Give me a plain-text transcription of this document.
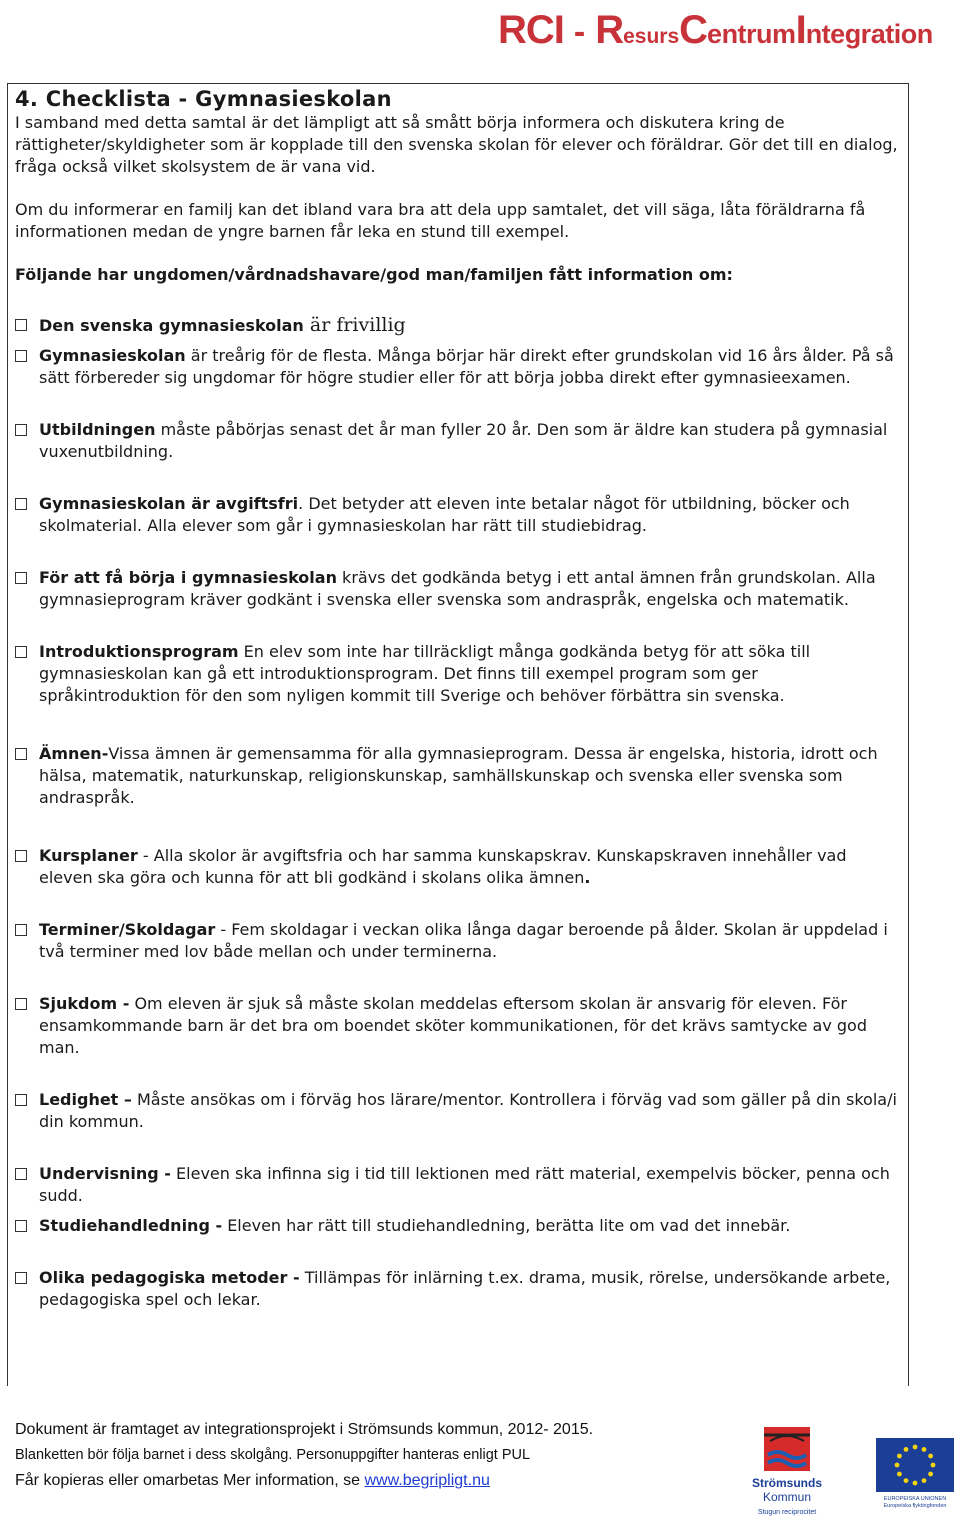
RCI - ResursCentrumIntegration
4. Checklista - Gymnasieskolan

I samband med detta samtal är det lämpligt att så smått börja informera och diskutera kring de rättigheter/skyldigheter som är kopplade till den svenska skolan för elever och föräldrar. Gör det till en dialog, fråga också vilket skolsystem de är vana vid.

Om du informerar en familj kan det ibland vara bra att dela upp samtalet, det vill säga, låta föräldrarna få informationen medan de yngre barnen får leka en stund till exempel.

Följande har ungdomen/vårdnadshavare/god man/familjen fått information om:

Den svenska gymnasieskolan är frivillig

Gymnasieskolan är treårig för de flesta. Många börjar här direkt efter grundskolan vid 16 års ålder. På så sätt förbereder sig ungdomar för högre studier eller för att börja jobba direkt efter gymnasieexamen.

Utbildningen måste påbörjas senast det år man fyller 20 år. Den som är äldre kan studera på gymnasial vuxenutbildning.

Gymnasieskolan är avgiftsfri. Det betyder att eleven inte betalar något för utbildning, böcker och skolmaterial. Alla elever som går i gymnasieskolan har rätt till studiebidrag.

För att få börja i gymnasieskolan krävs det godkända betyg i ett antal ämnen från grundskolan. Alla gymnasieprogram kräver godkänt i svenska eller svenska som andraspråk, engelska och matematik.

Introduktionsprogram En elev som inte har tillräckligt många godkända betyg för att söka till gymnasieskolan kan gå ett introduktionsprogram. Det finns till exempel program som ger språkintroduktion för den som nyligen kommit till Sverige och behöver förbättra sin svenska.

Ämnen-Vissa ämnen är gemensamma för alla gymnasieprogram. Dessa är engelska, historia, idrott och hälsa, matematik, naturkunskap, religionskunskap, samhällskunskap och svenska eller svenska som andraspråk.

Kursplaner - Alla skolor är avgiftsfria och har samma kunskapskrav. Kunskapskraven innehåller vad eleven ska göra och kunna för att bli godkänd i skolans olika ämnen.

Terminer/Skoldagar - Fem skoldagar i veckan olika långa dagar beroende på ålder. Skolan är uppdelad i två terminer med lov både mellan och under terminerna.

Sjukdom - Om eleven är sjuk så måste skolan meddelas eftersom skolan är ansvarig för eleven. För ensamkommande barn är det bra om boendet sköter kommunikationen, för det krävs samtycke av god man.

Ledighet – Måste ansökas om i förväg hos lärare/mentor. Kontrollera i förväg vad som gäller på din skola/i din kommun.

Undervisning - Eleven ska infinna sig i tid till lektionen med rätt material, exempelvis böcker, penna och sudd.

Studiehandledning - Eleven har rätt till studiehandledning, berätta lite om vad det innebär.

Olika pedagogiska metoder - Tillämpas för inlärning t.ex. drama, musik, rörelse, undersökande arbete, pedagogiska spel och lekar.

Dokument är framtaget av integrationsprojekt i Strömsunds kommun, 2012- 2015.
Blanketten bör följa barnet i dess skolgång. Personuppgifter hanteras enligt PUL
Får kopieras eller omarbetas Mer information, se www.begripligt.nu	Strömsunds
Kommun
Stugun reciprocitet
EUROPEISKA UNIONEN
Europeiska flyktingfonden
